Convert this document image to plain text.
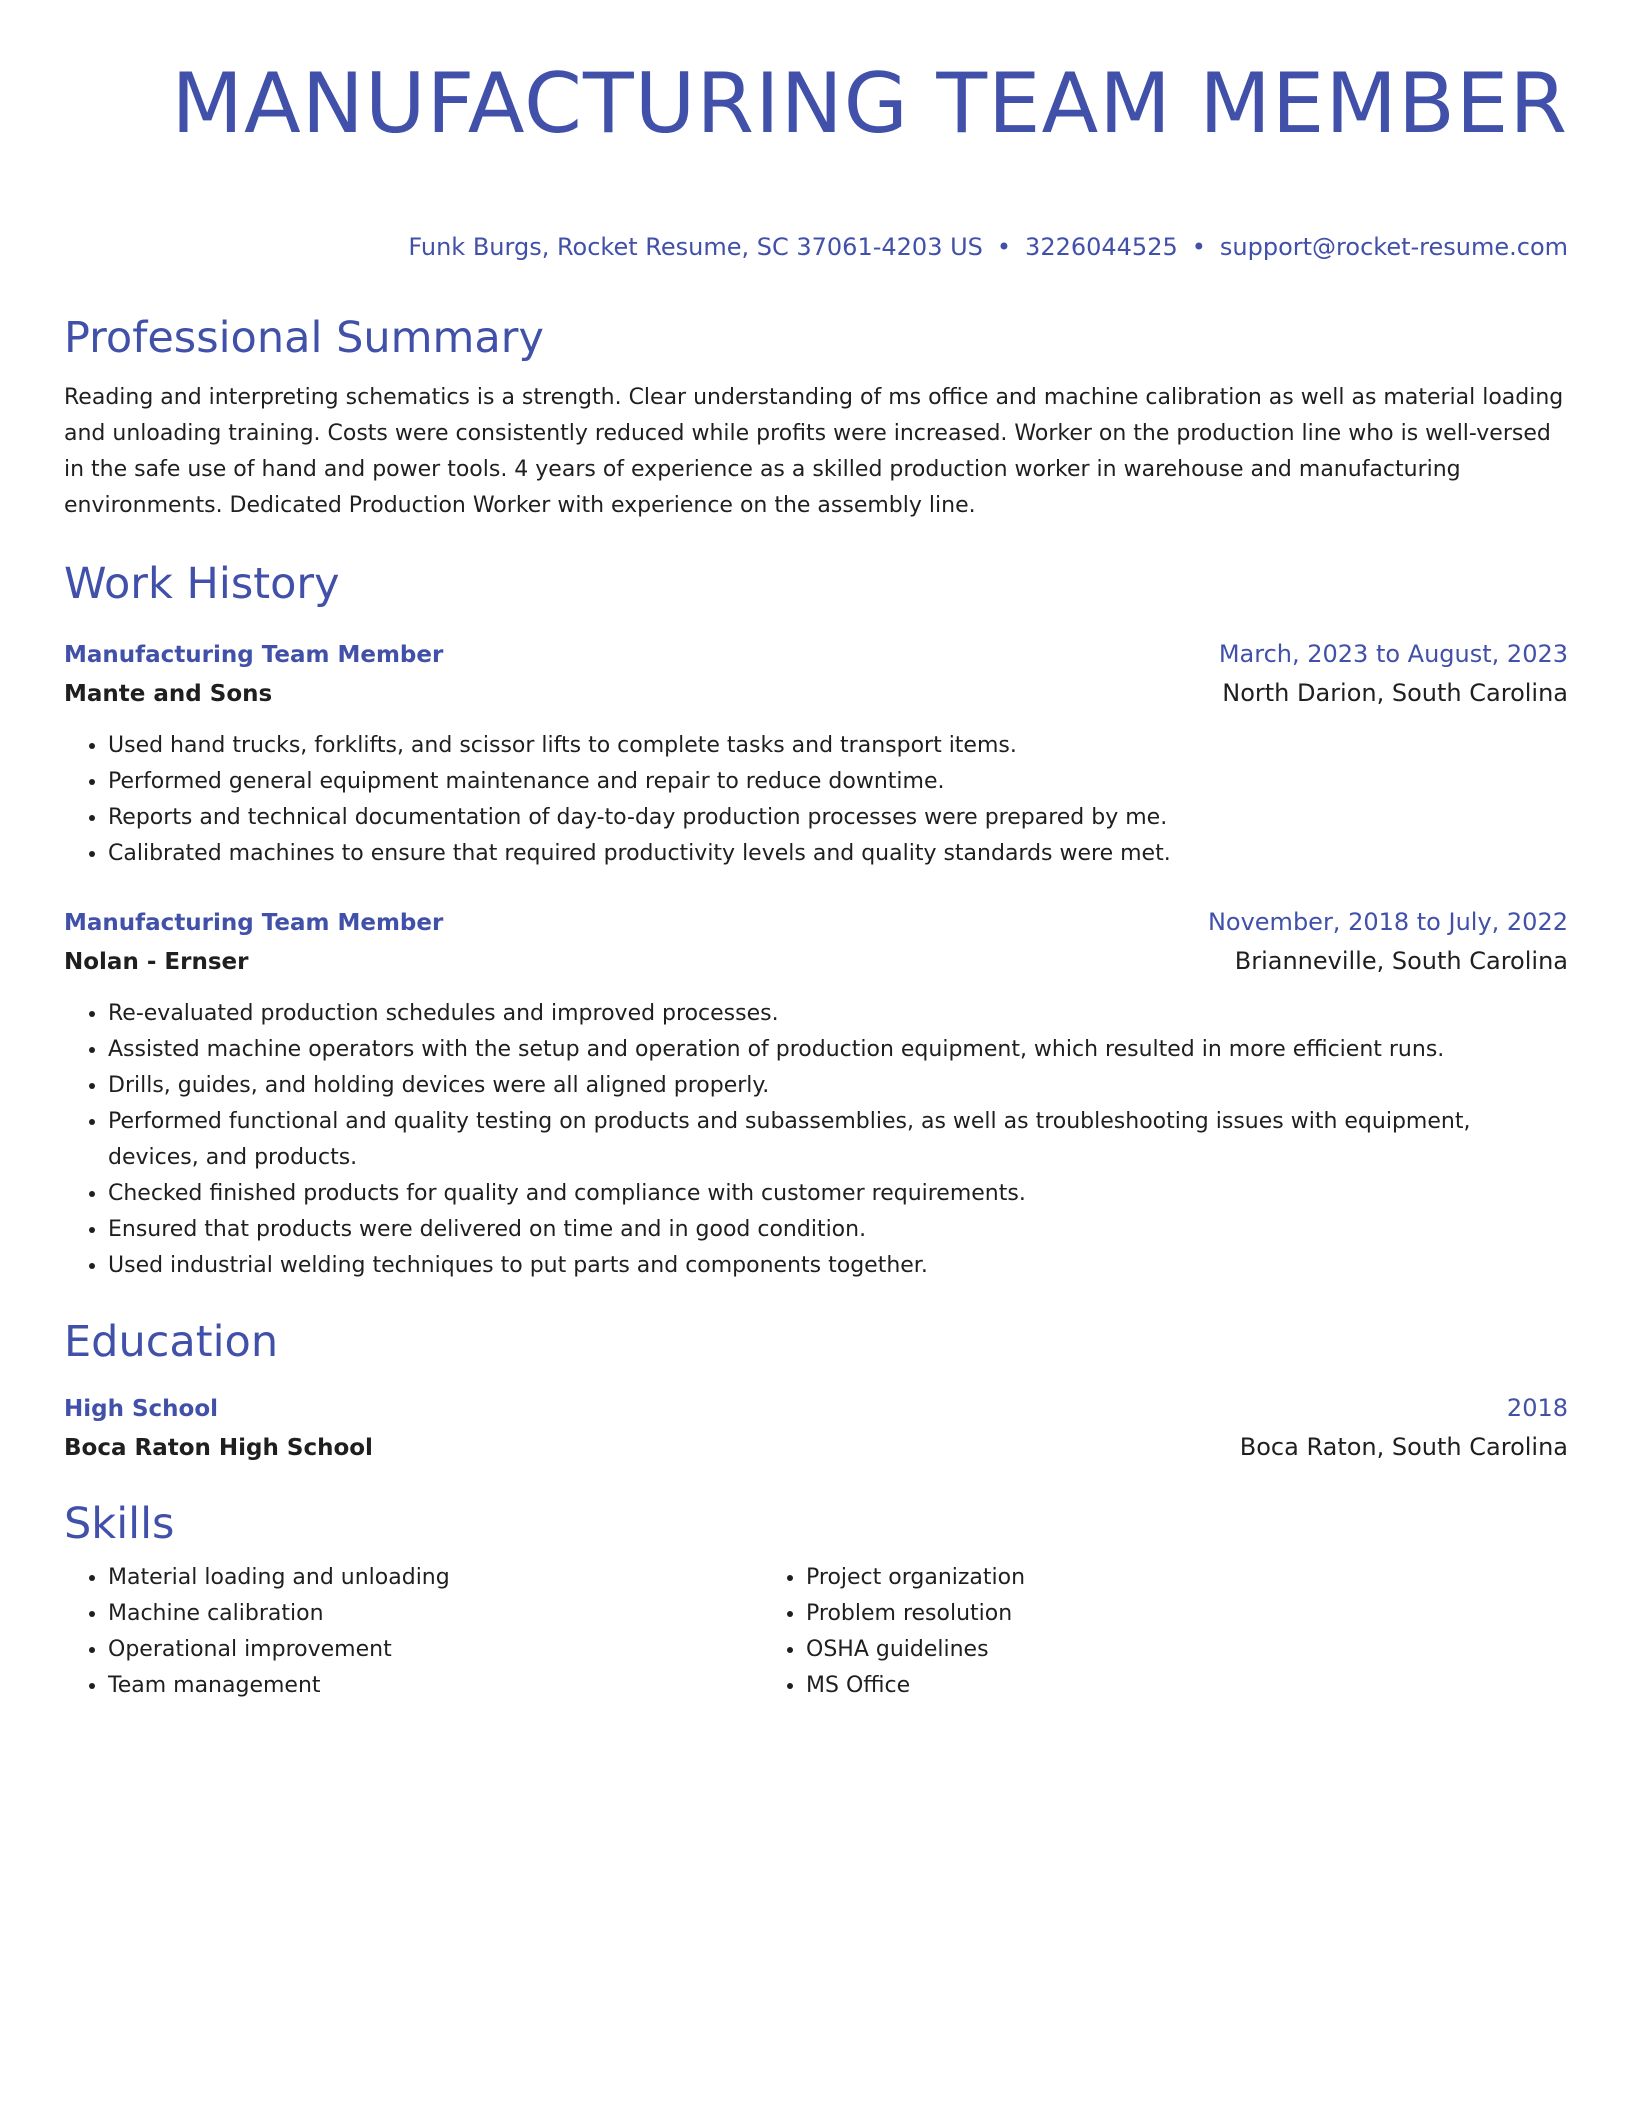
MANUFACTURING TEAM MEMBER
Funk Burgs, Rocket Resume, SC 37061-4203 US • 3226044525 • support@rocket-resume.com
Professional Summary
Reading and interpreting schematics is a strength. Clear understanding of ms office and machine calibration as well as material loading and unloading training. Costs were consistently reduced while profits were increased. Worker on the production line who is well-versed in the safe use of hand and power tools. 4 years of experience as a skilled production worker in warehouse and manufacturing environments. Dedicated Production Worker with experience on the assembly line.
Work History
Manufacturing Team Member	March, 2023 to August, 2023
Mante and Sons	North Darion, South Carolina
• Used hand trucks, forklifts, and scissor lifts to complete tasks and transport items.
• Performed general equipment maintenance and repair to reduce downtime.
• Reports and technical documentation of day-to-day production processes were prepared by me.
• Calibrated machines to ensure that required productivity levels and quality standards were met.
Manufacturing Team Member	November, 2018 to July, 2022
Nolan - Ernser	Brianneville, South Carolina
• Re-evaluated production schedules and improved processes.
• Assisted machine operators with the setup and operation of production equipment, which resulted in more efficient runs.
• Drills, guides, and holding devices were all aligned properly.
• Performed functional and quality testing on products and subassemblies, as well as troubleshooting issues with equipment, devices, and products.
• Checked finished products for quality and compliance with customer requirements.
• Ensured that products were delivered on time and in good condition.
• Used industrial welding techniques to put parts and components together.
Education
High School	2018
Boca Raton High School	Boca Raton, South Carolina
Skills
• Material loading and unloading
• Machine calibration
• Operational improvement
• Team management
• Project organization
• Problem resolution
• OSHA guidelines
• MS Office
